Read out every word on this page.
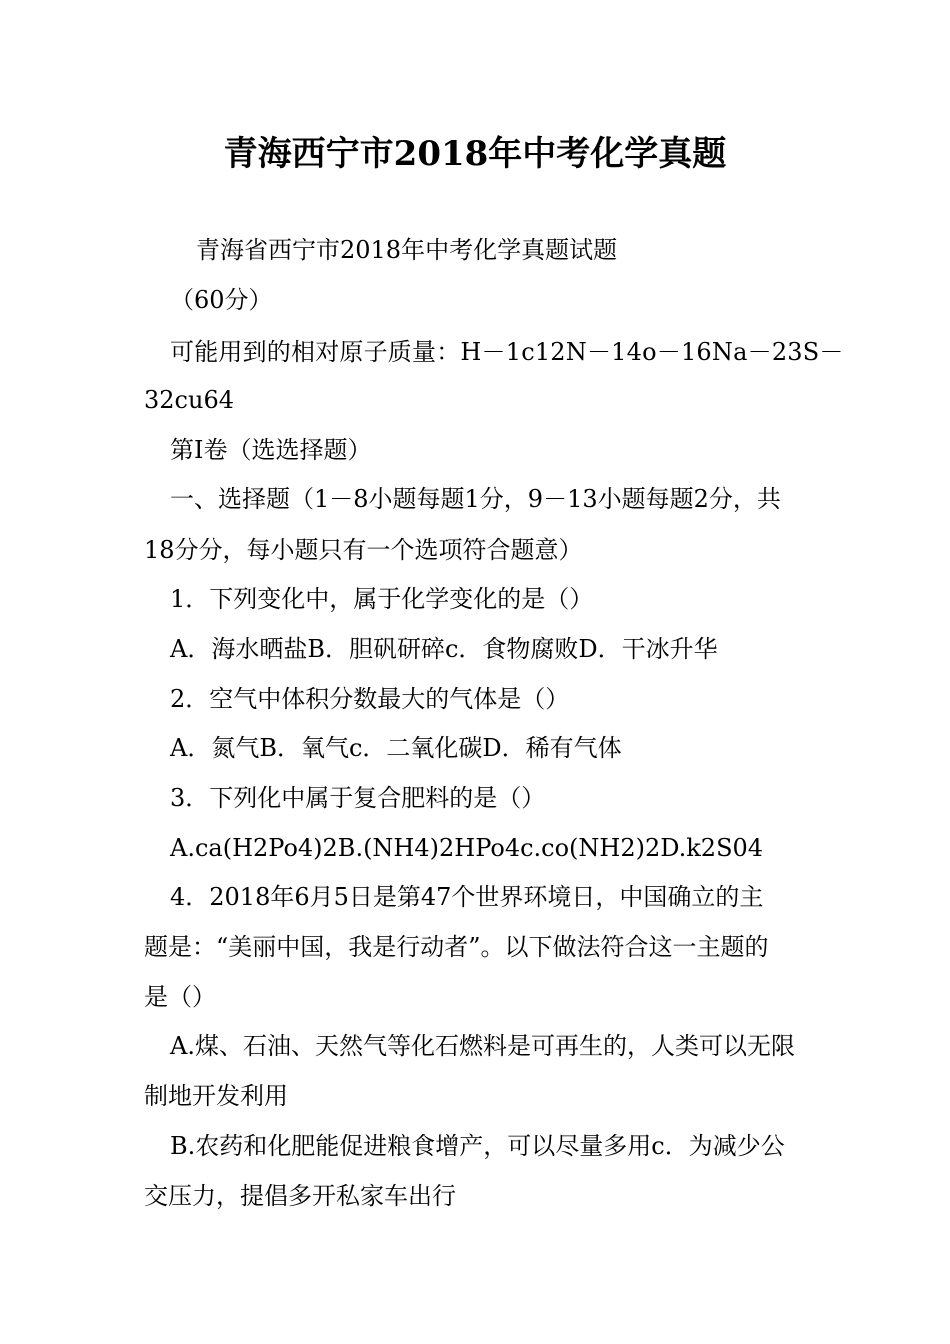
青海西宁市2018年中考化学真题
青海省西宁市2018年中考化学真题试题
（60分）
可能用到的相对原子质量：H－1c12N－14o－16Na－23S－
32cu64
第Ⅰ卷（选选择题）
一、选择题（1－8小题每题1分，9－13小题每题2分，共
18分分，每小题只有一个选项符合题意）
1．下列变化中，属于化学变化的是（）
A．海水晒盐B．胆矾研碎c．食物腐败D．干冰升华
2．空气中体积分数最大的气体是（）
A．氮气B．氧气c．二氧化碳D．稀有气体
3．下列化中属于复合肥料的是（）
A.ca(H2Po4)2B.(NH4)2HPo4c.co(NH2)2D.k2S04
4．2018年6月5日是第47个世界环境日，中国确立的主
题是：“美丽中国，我是行动者”。以下做法符合这一主题的
是（）
A.煤、石油、天然气等化石燃料是可再生的，人类可以无限
制地开发利用
B.农药和化肥能促进粮食增产，可以尽量多用c．为减少公
交压力，提倡多开私家车出行
